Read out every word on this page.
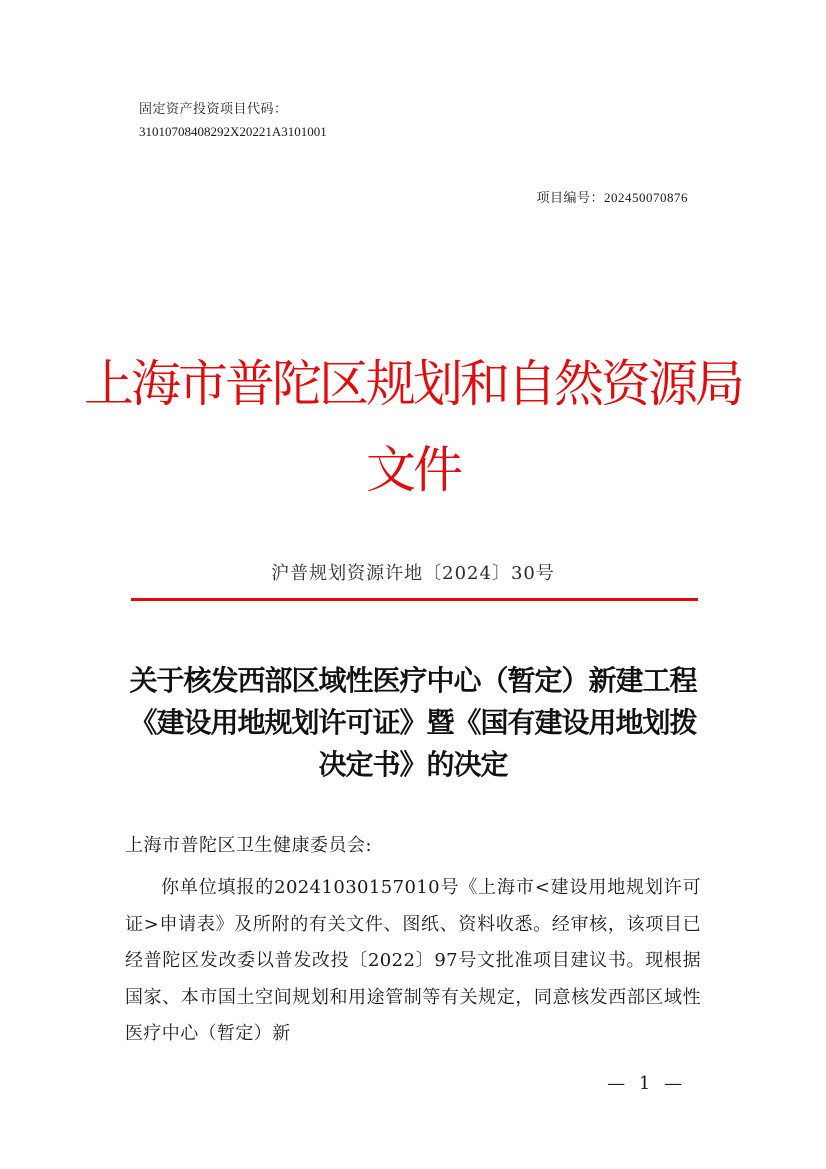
固定资产投资项目代码：
31010708408292X20221A3101001
项目编号：202450070876
上海市普陀区规划和自然资源局
文件
沪普规划资源许地〔2024〕30号
关于核发西部区域性医疗中心（暂定）新建工程《建设用地规划许可证》暨《国有建设用地划拨决定书》的决定
上海市普陀区卫生健康委员会:
你单位填报的20241030157010号《上海市<建设用地规划许可证>申请表》及所附的有关文件、图纸、资料收悉。经审核，该项目已经普陀区发改委以普发改投〔2022〕97号文批准项目建议书。现根据国家、本市国土空间规划和用途管制等有关规定，同意核发西部区域性医疗中心（暂定）新
— 1 —
